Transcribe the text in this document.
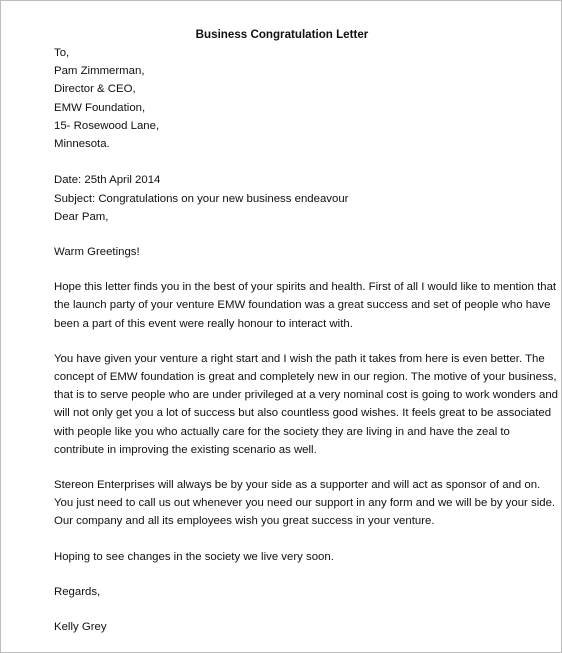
Business Congratulation Letter
To,
Pam Zimmerman,
Director & CEO,
EMW Foundation,
15- Rosewood Lane,
Minnesota.
Date: 25th April 2014
Subject: Congratulations on your new business endeavour
Dear Pam,
Warm Greetings!

Hope this letter finds you in the best of your spirits and health. First of all I would like to mention that
the launch party of your venture EMW foundation was a great success and set of people who have
been a part of this event were really honour to interact with.

You have given your venture a right start and I wish the path it takes from here is even better. The
concept of EMW foundation is great and completely new in our region. The motive of your business,
that is to serve people who are under privileged at a very nominal cost is going to work wonders and
will not only get you a lot of success but also countless good wishes. It feels great to be associated
with people like you who actually care for the society they are living in and have the zeal to
contribute in improving the existing scenario as well.

Stereon Enterprises will always be by your side as a supporter and will act as sponsor of and on.
You just need to call us out whenever you need our support in any form and we will be by your side.
Our company and all its employees wish you great success in your venture.

Hoping to see changes in the society we live very soon.
Regards,
Kelly Grey
